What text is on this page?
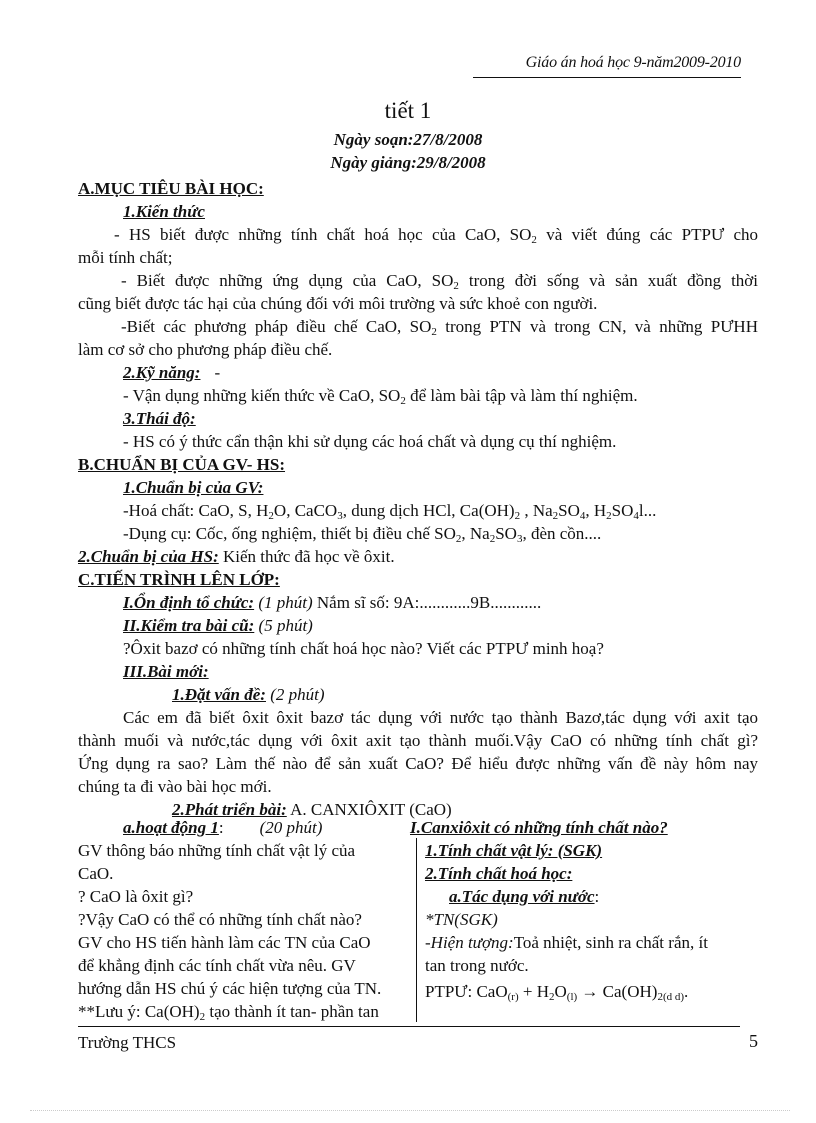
Giáo án hoá học 9-năm2009-2010
tiết 1
Ngày soạn:27/8/2008
Ngày giảng:29/8/2008
A.MỤC TIÊU BÀI HỌC:
1.Kiến thức
- HS biết được những tính chất hoá học của CaO, $SO_2$ và viết đúng các PTPƯ cho
mỗi tính chất;
- Biết được những ứng dụng của CaO, $SO_2$ trong đời sống và sản xuất đồng thời
cũng biết được tác hại của chúng đối với môi trường và sức khoẻ con người.
-Biết các phương pháp điều chế CaO, $SO_2$ trong PTN và trong CN, và những PƯHH
làm cơ sở cho phương pháp điều chế.
2.Kỹ năng: -
- Vận dụng những kiến thức về CaO, $SO_2$ để làm bài tập và làm thí nghiệm.
3.Thái độ:
- HS có ý thức cẩn thận khi sử dụng các hoá chất và dụng cụ thí nghiệm.
B.CHUẨN BỊ CỦA GV- HS:
1.Chuẩn bị của GV:
-Hoá chất: CaO, S, $H_2O$, CaCO$_3$, dung dịch HCl, $Ca(OH)_2$ , $Na_2SO_4$, $H_2SO_4l$...
-Dụng cụ: Cốc, ống nghiệm, thiết bị điều chế $SO_2$, $Na_2SO_3$, đèn cồn....
2.Chuẩn bị của HS: Kiến thức đã học về ôxit.
C.TIẾN TRÌNH LÊN LỚP:
I.Ổn định tổ chức: (1 phút) Nắm sĩ số: 9A:............9B............
II.Kiểm tra bài cũ: (5 phút)
?Ôxit bazơ có những tính chất hoá học nào? Viết các PTPƯ minh hoạ?
III.Bài mới:
1.Đặt vấn đề: (2 phút)
Các em đã biết ôxit ôxit bazơ tác dụng với nước tạo thành Bazơ,tác dụng với axit tạo
thành muối và nước,tác dụng với ôxit axit tạo thành muối.Vậy CaO có những tính chất gì?
Ứng dụng ra sao? Làm thế nào để sản xuất CaO? Để hiểu được những vấn đề này hôm nay
chúng ta đi vào bài học mới.
2.Phát triển bài: A. CANXIÔXIT (CaO)
a.hoạt động 1: (20 phút)	I.Canxiôxit có những tính chất nào?
GV thông báo những tính chất vật lý của
CaO.
? CaO là ôxit gì?
?Vậy CaO có thể có những tính chất nào?
GV cho HS tiến hành làm các TN của CaO
để khẳng định các tính chất vừa nêu. GV
hướng dẫn HS chú ý các hiện tượng của TN.
**Lưu ý: $Ca(OH)_2$ tạo thành ít tan- phần tan
1.Tính chất vật lý: (SGK)
2.Tính chất hoá học:
a.Tác dụng với nước:
*TN(SGK)
-Hiện tượng:Toả nhiệt, sinh ra chất rắn, ít
tan trong nước.
PTPƯ: $CaO_{(r)} + H_2O_{(l)} \to Ca(OH)_{2(d d)}$.
Trường THCS	5
